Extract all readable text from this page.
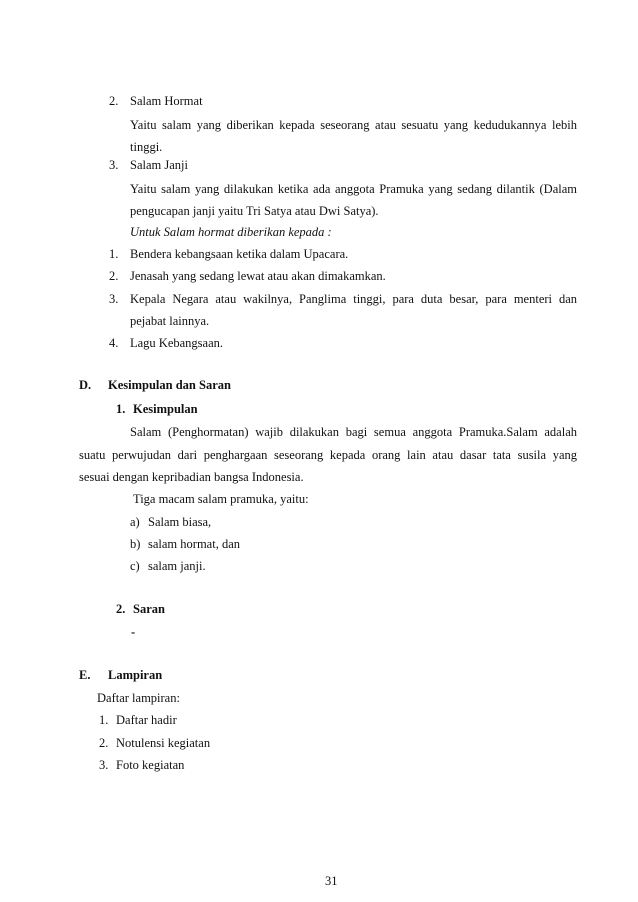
2. Salam Hormat
Yaitu salam yang diberikan kepada seseorang atau sesuatu yang kedudukannya lebih
tinggi.
3. Salam Janji
Yaitu salam yang dilakukan ketika ada anggota Pramuka yang sedang dilantik (Dalam
pengucapan janji yaitu Tri Satya atau Dwi Satya).
Untuk Salam hormat diberikan kepada :
1. Bendera kebangsaan ketika dalam Upacara.
2. Jenasah yang sedang lewat atau akan dimakamkan.
3. Kepala Negara atau wakilnya, Panglima tinggi, para duta besar, para menteri dan
pejabat lainnya.
4. Lagu Kebangsaan.
D. Kesimpulan dan Saran
1. Kesimpulan
Salam (Penghormatan) wajib dilakukan bagi semua anggota Pramuka.Salam adalah
suatu perwujudan dari penghargaan seseorang kepada orang lain atau dasar tata susila yang
sesuai dengan kepribadian bangsa Indonesia.
Tiga macam salam pramuka, yaitu:
a) Salam biasa,
b) salam hormat, dan
c) salam janji.
2. Saran
-
E. Lampiran
Daftar lampiran:
1. Daftar hadir
2. Notulensi kegiatan
3. Foto kegiatan
31
